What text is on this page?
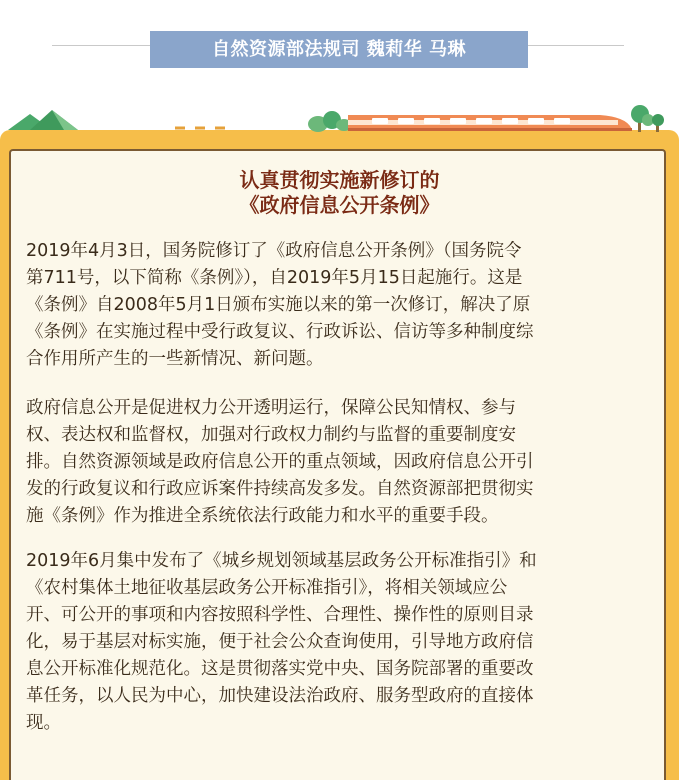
自然资源部法规司 魏莉华 马琳
认真贯彻实施新修订的
《政府信息公开条例》

2019年4月3日，国务院修订了《政府信息公开条例》（国务院令
第711号，以下简称《条例》），自2019年5月15日起施行。这是
《条例》自2008年5月1日颁布实施以来的第一次修订，解决了原
《条例》在实施过程中受行政复议、行政诉讼、信访等多种制度综
合作用所产生的一些新情况、新问题。

政府信息公开是促进权力公开透明运行，保障公民知情权、参与
权、表达权和监督权，加强对行政权力制约与监督的重要制度安
排。自然资源领域是政府信息公开的重点领域，因政府信息公开引
发的行政复议和行政应诉案件持续高发多发。自然资源部把贯彻实
施《条例》作为推进全系统依法行政能力和水平的重要手段。

2019年6月集中发布了《城乡规划领域基层政务公开标准指引》和
《农村集体土地征收基层政务公开标准指引》，将相关领域应公
开、可公开的事项和内容按照科学性、合理性、操作性的原则目录
化，易于基层对标实施，便于社会公众查询使用，引导地方政府信
息公开标准化规范化。这是贯彻落实党中央、国务院部署的重要改
革任务，以人民为中心，加快建设法治政府、服务型政府的直接体
现。
